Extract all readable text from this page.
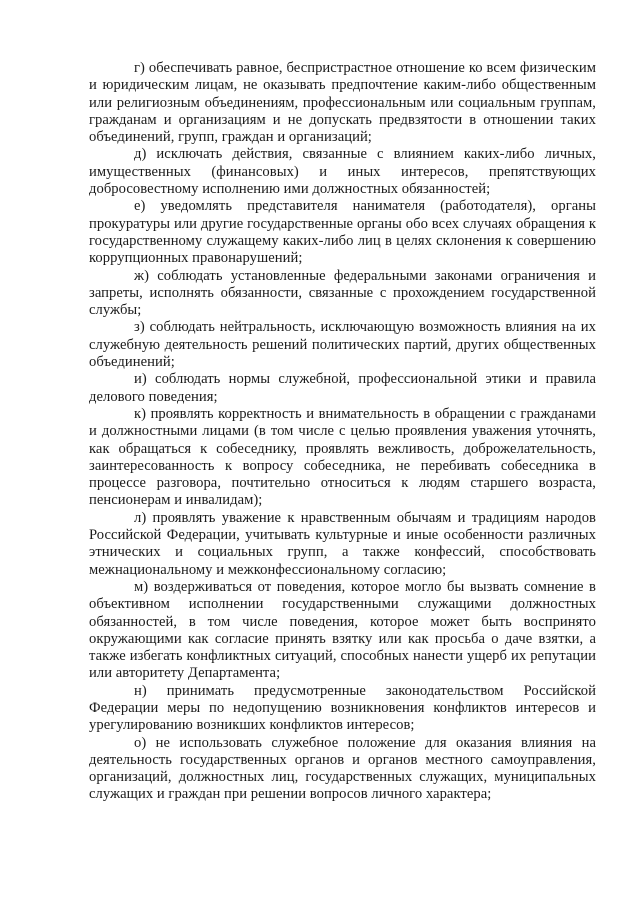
г) обеспечивать равное, беспристрастное отношение ко всем физическим и юридическим лицам, не оказывать предпочтение каким-либо общественным или религиозным объединениям, профессиональным или социальным группам, гражданам и организациям и не допускать предвзятости в отношении таких объединений, групп, граждан и организаций;

д) исключать действия, связанные с влиянием каких-либо личных, имущественных (финансовых) и иных интересов, препятствующих добросовестному исполнению ими должностных обязанностей;

е) уведомлять представителя нанимателя (работодателя), органы прокуратуры или другие государственные органы обо всех случаях обращения к государственному служащему каких-либо лиц в целях склонения к совершению коррупционных правонарушений;

ж) соблюдать установленные федеральными законами ограничения и запреты, исполнять обязанности, связанные с прохождением государственной службы;

з) соблюдать нейтральность, исключающую возможность влияния на их служебную деятельность решений политических партий, других общественных объединений;

и) соблюдать нормы служебной, профессиональной этики и правила делового поведения;

к) проявлять корректность и внимательность в обращении с гражданами и должностными лицами (в том числе с целью проявления уважения уточнять, как обращаться к собеседнику, проявлять вежливость, доброжелательность, заинтересованность к вопросу собеседника, не перебивать собеседника в процессе разговора, почтительно относиться к людям старшего возраста, пенсионерам и инвалидам);

л) проявлять уважение к нравственным обычаям и традициям народов Российской Федерации, учитывать культурные и иные особенности различных этнических и социальных групп, а также конфессий, способствовать межнациональному и межконфессиональному согласию;

м) воздерживаться от поведения, которое могло бы вызвать сомнение в объективном исполнении государственными служащими должностных обязанностей, в том числе поведения, которое может быть воспринято окружающими как согласие принять взятку или как просьба о даче взятки, а также избегать конфликтных ситуаций, способных нанести ущерб их репутации или авторитету Департамента;

н) принимать предусмотренные законодательством Российской Федерации меры по недопущению возникновения конфликтов интересов и урегулированию возникших конфликтов интересов;

о) не использовать служебное положение для оказания влияния на деятельность государственных органов и органов местного самоуправления, организаций, должностных лиц, государственных служащих, муниципальных служащих и граждан при решении вопросов личного характера;
